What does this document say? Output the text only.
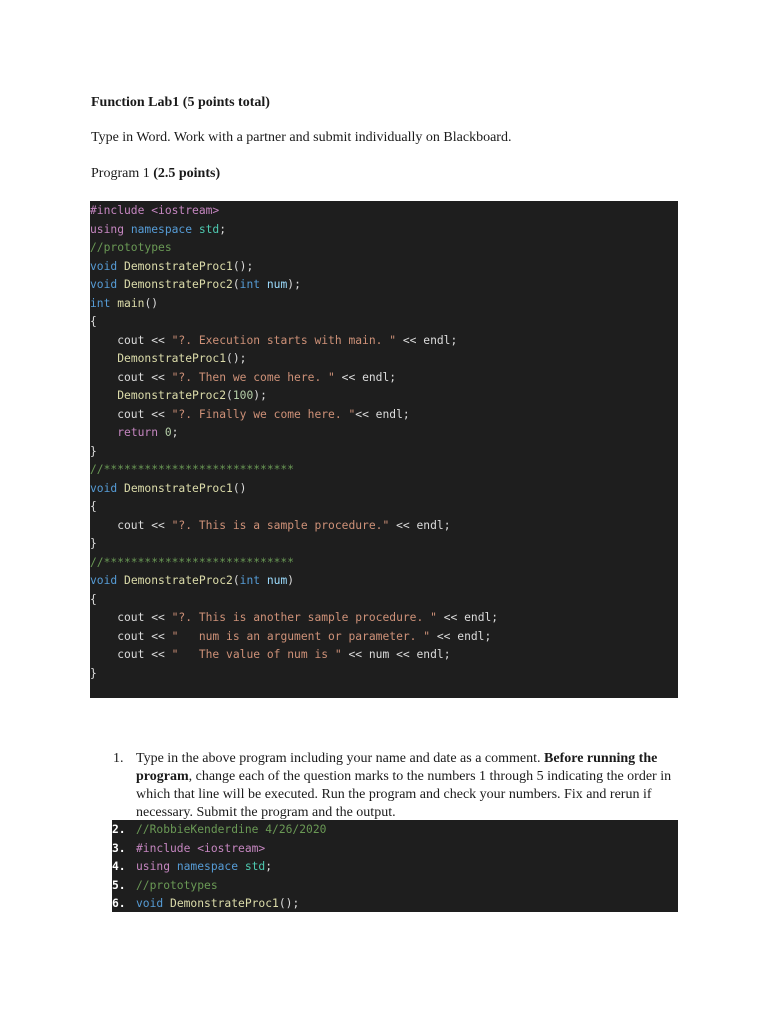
Function Lab1 (5 points total)
Type in Word. Work with a partner and submit individually on Blackboard.
Program 1 (2.5 points)
#include <iostream>
using namespace std;
//prototypes
void DemonstrateProc1();
void DemonstrateProc2(int num);
int main()
{
cout << "?. Execution starts with main. " << endl;
DemonstrateProc1();
cout << "?. Then we come here. " << endl;
DemonstrateProc2(100);
cout << "?. Finally we come here. "<< endl;
return 0;
}
//****************************
void DemonstrateProc1()
{
cout << "?. This is a sample procedure." << endl;
}
//****************************
void DemonstrateProc2(int num)
{
cout << "?. This is another sample procedure. " << endl;
cout << "   num is an argument or parameter. " << endl;
cout << "   The value of num is " << num << endl;
}
1. Type in the above program including your name and date as a comment. Before running the program, change each of the question marks to the numbers 1 through 5 indicating the order in which that line will be executed. Run the program and check your numbers. Fix and rerun if necessary. Submit the program and the output.
2. //RobbieKenderdine 4/26/2020
3. #include <iostream>
4. using namespace std;
5. //prototypes
6. void DemonstrateProc1();
